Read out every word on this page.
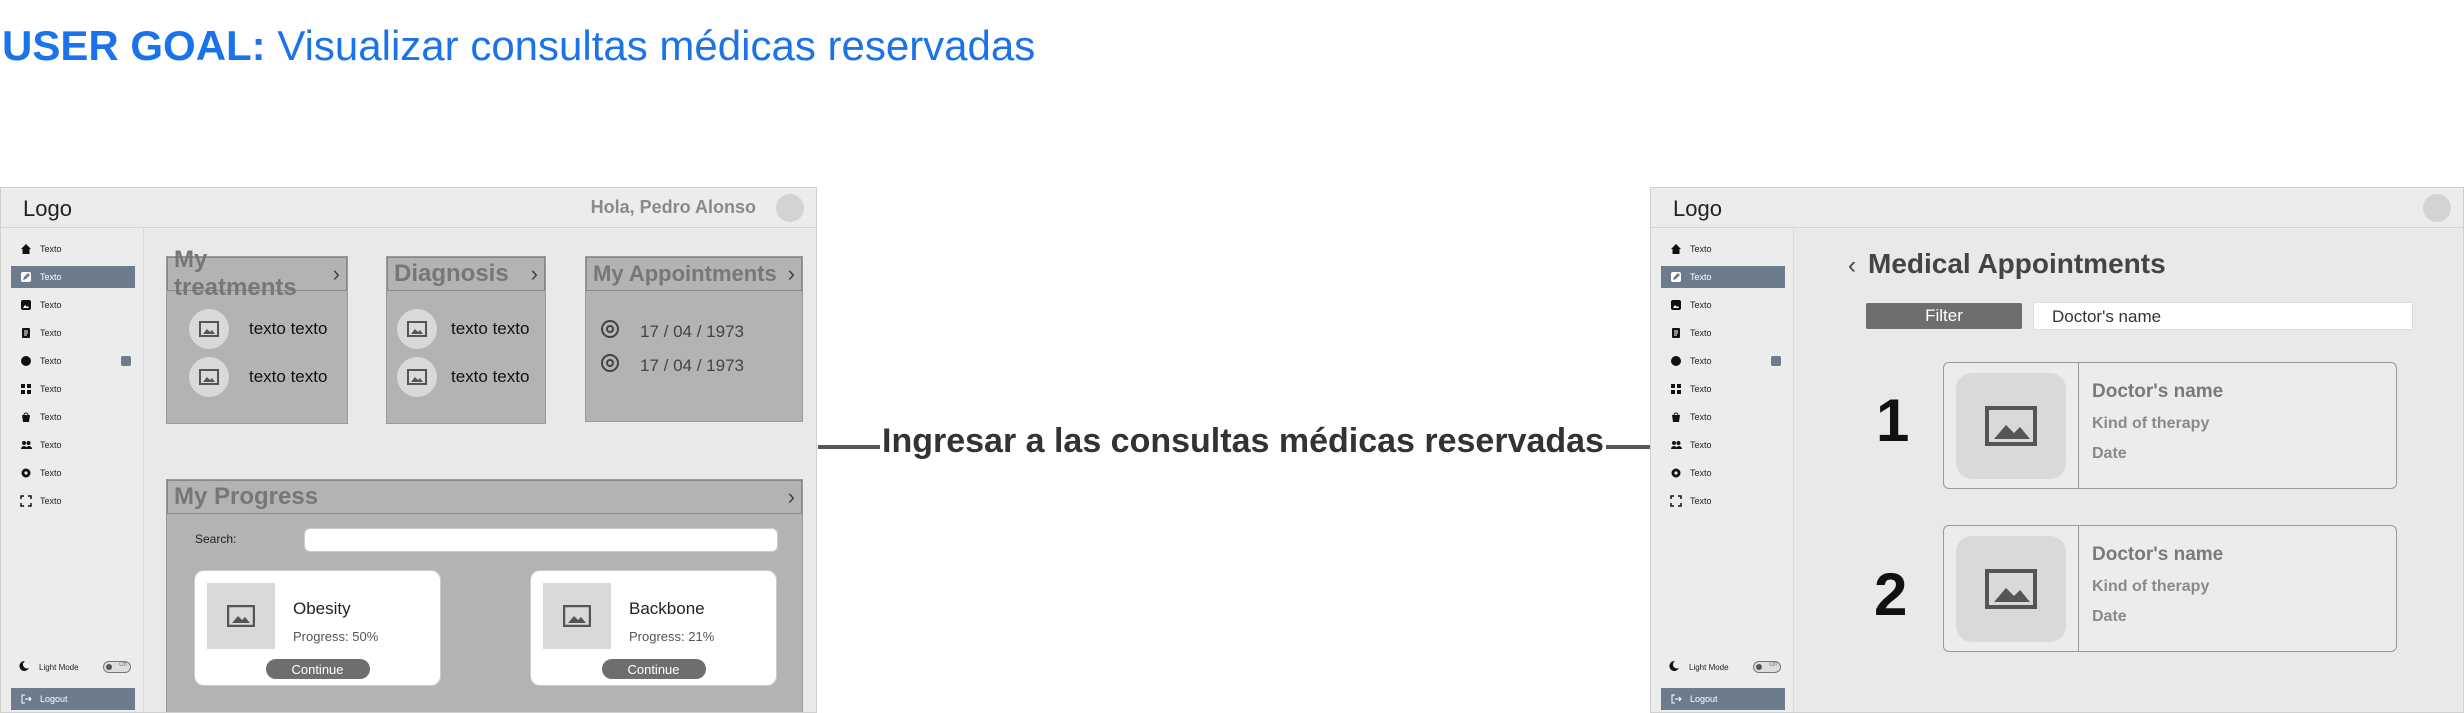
USER GOAL: Visualizar consultas médicas reservadas
Logo	Hola, Pedro Alonso
Texto
Texto
Texto
Texto
Texto
Texto
Texto
Texto
Texto
Texto
Light Mode	Off
Logout
My treatments
›
texto texto
texto texto
Diagnosis ›
texto texto
texto texto
My Appointments ›
17 / 04 / 1973
17 / 04 / 1973
My Progress	›
Search:
Obesity
Progress: 50%
Continue
Backbone
Progress: 21%
Continue
Ingresar a las consultas médicas reservadas
Logo
Texto
Texto
Texto
Texto
Texto
Texto
Texto
Texto
Texto
Texto
Light Mode	Off
Logout
‹ Medical Appointments
Filter	Doctor's name
1	Doctor's name
Kind of therapy
Date
2
Doctor's name
Kind of therapy
Date
